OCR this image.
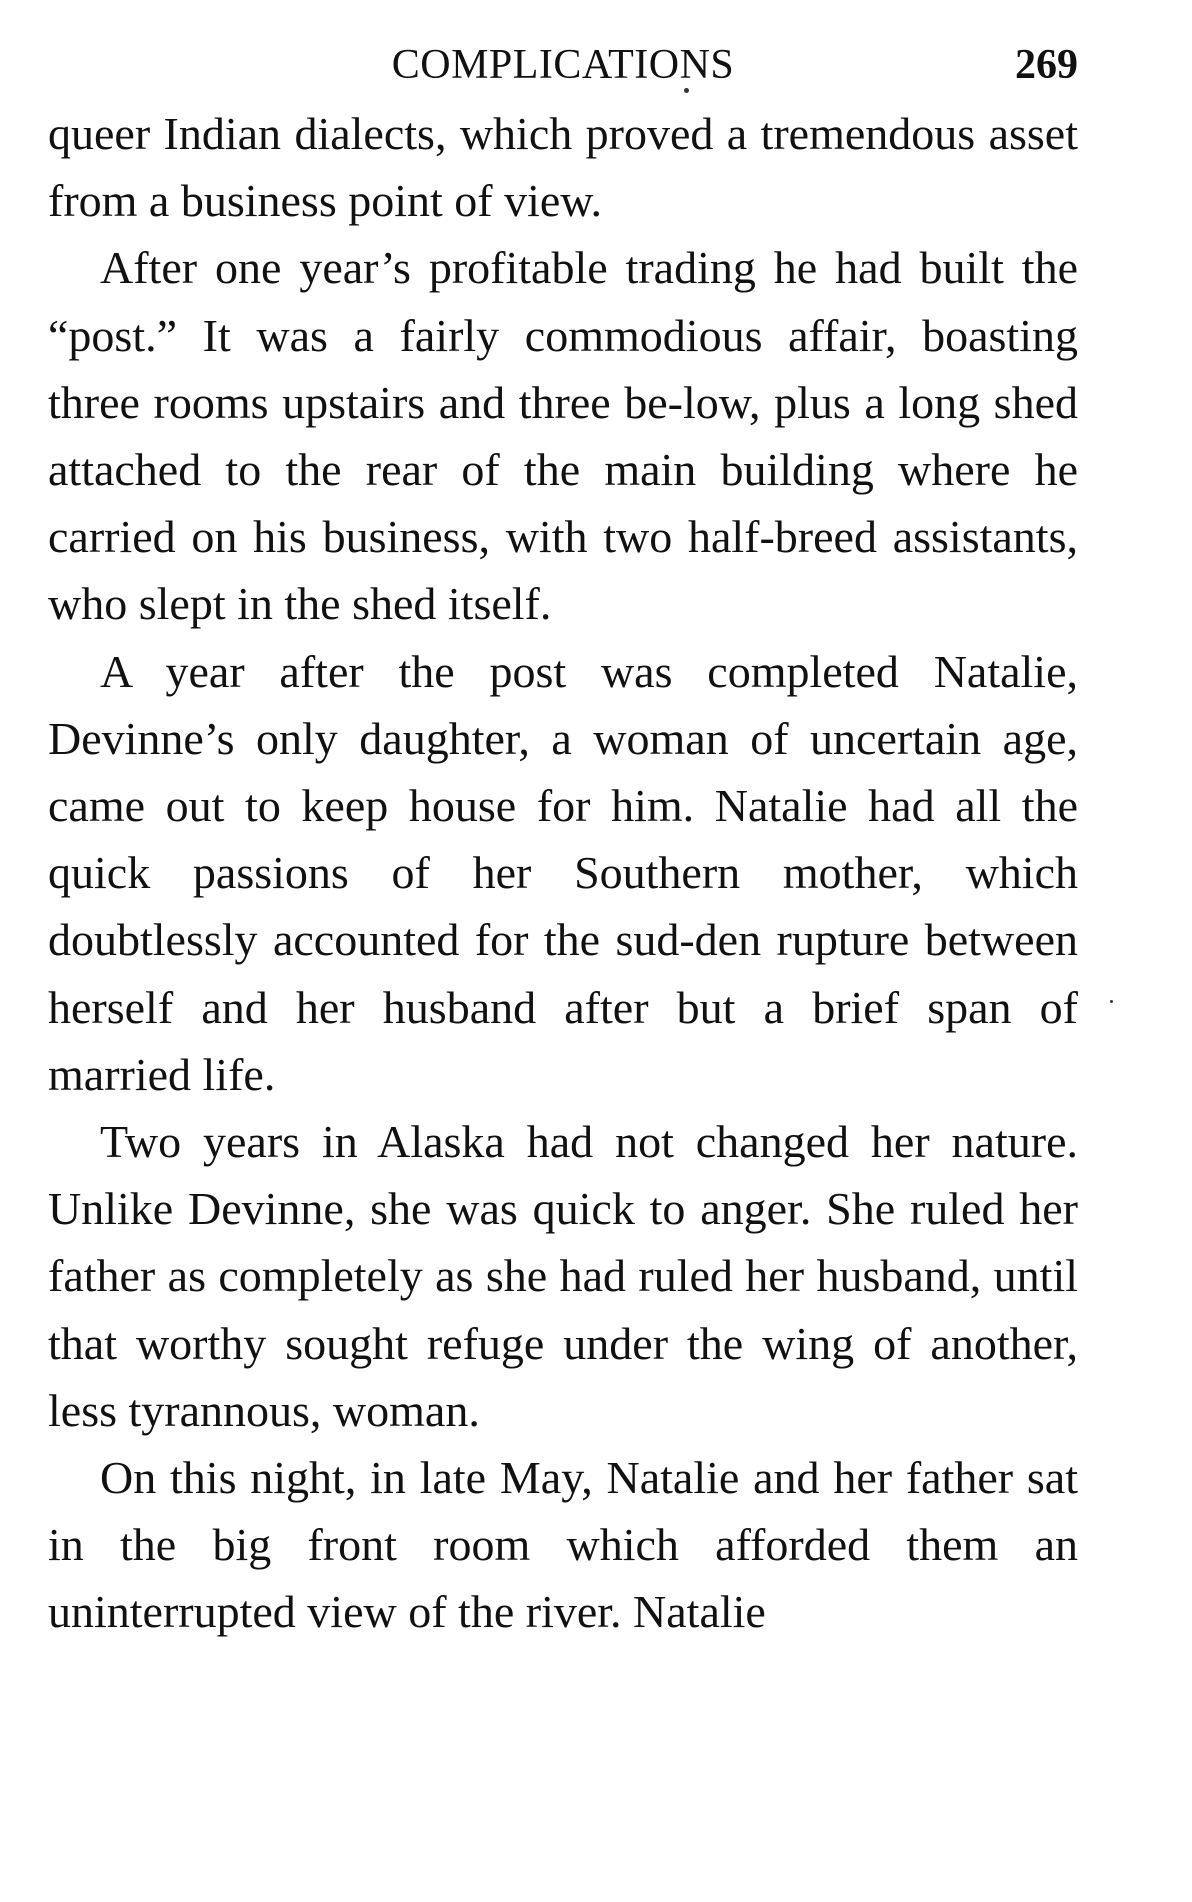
COMPLICATIONS	269

queer Indian dialects, which proved a tremendous asset from a business point of view.

After one year’s profitable trading he had built the “post.” It was a fairly commodious affair, boasting three rooms upstairs and three be-low, plus a long shed attached to the rear of the main building where he carried on his business, with two half-breed assistants, who slept in the shed itself.

A year after the post was completed Natalie, Devinne’s only daughter, a woman of uncertain age, came out to keep house for him. Natalie had all the quick passions of her Southern mother, which doubtlessly accounted for the sud-den rupture between herself and her husband after but a brief span of married life.

Two years in Alaska had not changed her nature. Unlike Devinne, she was quick to anger. She ruled her father as completely as she had ruled her husband, until that worthy sought refuge under the wing of another, less tyrannous, woman.

On this night, in late May, Natalie and her father sat in the big front room which afforded them an uninterrupted view of the river. Natalie
